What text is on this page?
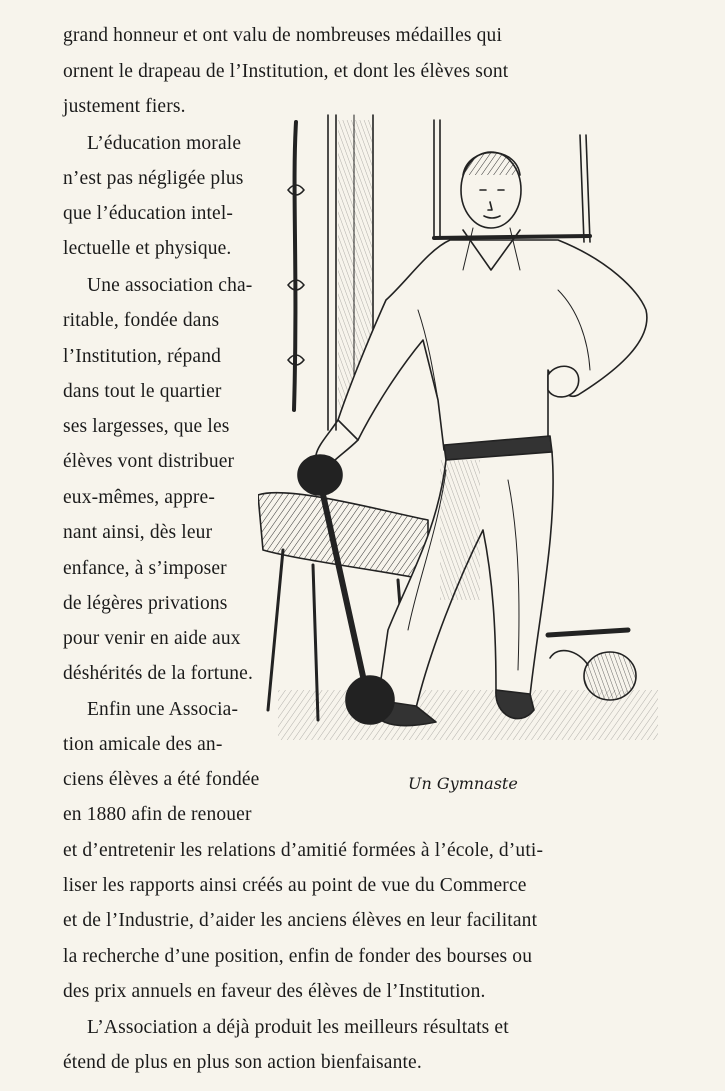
grand honneur et ont valu de nombreuses médailles qui
ornent le drapeau de l’Institution, et dont les élèves sont
justement fiers.
L’éducation morale
n’est pas négligée plus
que l’éducation intel-
lectuelle et physique.
Une association cha-
ritable, fondée dans
l’Institution, répand
dans tout le quartier
ses largesses, que les
élèves vont distribuer
eux-mêmes, appre-
nant ainsi, dès leur
enfance, à s’imposer
de légères privations
pour venir en aide aux
déshérités de la fortune.
Enfin une Associa-
tion amicale des an-
ciens élèves a été fondée
en 1880 afin de renouer
et d’entretenir les relations d’amitié formées à l’école, d’uti-
liser les rapports ainsi créés au point de vue du Commerce
et de l’Industrie, d’aider les anciens élèves en leur facilitant
la recherche d’une position, enfin de fonder des bourses ou
des prix annuels en faveur des élèves de l’Institution.
L’Association a déjà produit les meilleurs résultats et
étend de plus en plus son action bienfaisante.
Un Gymnaste
